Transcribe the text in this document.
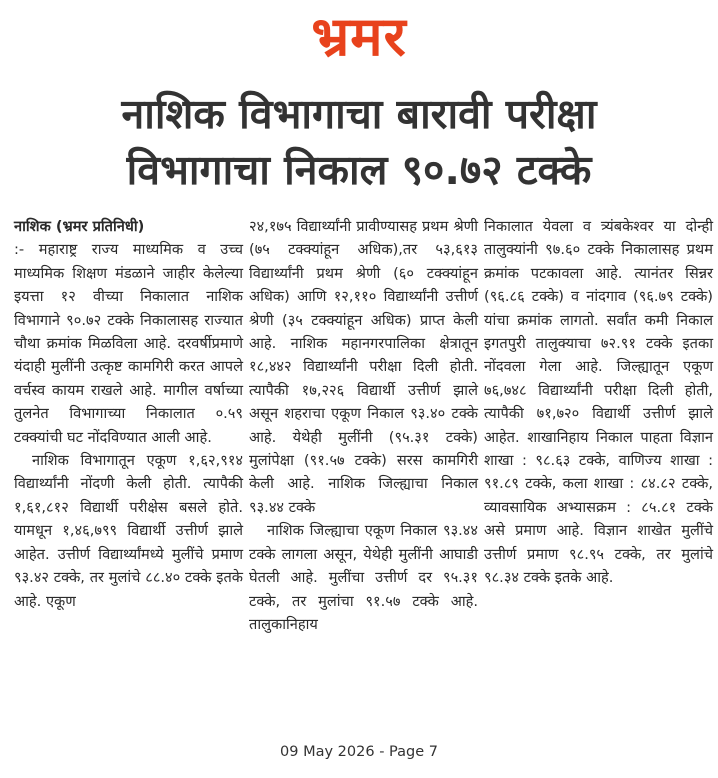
भ्रमर
नाशिक विभागाचा बारावी परीक्षा
विभागाचा निकाल ९०.७२ टक्के

नाशिक (भ्रमर प्रतिनिधी)

:- महाराष्ट्र राज्य माध्यमिक व उच्च माध्यमिक शिक्षण मंडळाने जाहीर केलेल्या इयत्ता १२ वीच्या निकालात नाशिक विभागाने ९०.७२ टक्के निकालासह राज्यात चौथा क्रमांक मिळविला आहे. दरवर्षीप्रमाणे यंदाही मुलींनी उत्कृष्ट कामगिरी करत आपले वर्चस्व कायम राखले आहे. मागील वर्षाच्या तुलनेत विभागाच्या निकालात ०.५९ टक्क्यांची घट नोंदविण्यात आली आहे.

नाशिक विभागातून एकूण १,६२,९१४ विद्यार्थ्यांनी नोंदणी केली होती. त्यापैकी १,६१,८१२ विद्यार्थी परीक्षेस बसले होते. यामधून १,४६,७९९ विद्यार्थी उत्तीर्ण झाले आहेत. उत्तीर्ण विद्यार्थ्यांमध्ये मुलींचे प्रमाण ९३.४२ टक्के, तर मुलांचे ८८.४० टक्के इतके आहे. एकूण

२४,१७५ विद्यार्थ्यांनी प्रावीण्यासह प्रथम श्रेणी (७५ टक्क्यांहून अधिक),तर ५३,६१३ विद्यार्थ्यांनी प्रथम श्रेणी (६० टक्क्यांहून अधिक) आणि १२,११० विद्यार्थ्यांनी उत्तीर्ण श्रेणी (३५ टक्क्यांहून अधिक) प्राप्त केली आहे. नाशिक महानगरपालिका क्षेत्रातून १८,४४२ विद्यार्थ्यांनी परीक्षा दिली होती. त्यापैकी १७,२२६ विद्यार्थी उत्तीर्ण झाले असून शहराचा एकूण निकाल ९३.४० टक्के आहे. येथेही मुलींनी (९५.३१ टक्के) मुलांपेक्षा (९१.५७ टक्के) सरस कामगिरी केली आहे. नाशिक जिल्ह्याचा निकाल ९३.४४ टक्के

नाशिक जिल्ह्याचा एकूण निकाल ९३.४४ टक्के लागला असून, येथेही मुलींनी आघाडी घेतली आहे. मुलींचा उत्तीर्ण दर ९५.३१ टक्के, तर मुलांचा ९१.५७ टक्के आहे. तालुकानिहाय

निकालात येवला व त्र्यंबकेश्वर या दोन्ही तालुक्यांनी ९७.६० टक्के निकालासह प्रथम क्रमांक पटकावला आहे. त्यानंतर सिन्नर (९६.८६ टक्के) व नांदगाव (९६.७९ टक्के) यांचा क्रमांक लागतो. सर्वांत कमी निकाल इगतपुरी तालुक्याचा ७२.९१ टक्के इतका नोंदवला गेला आहे. जिल्ह्यातून एकूण ७६,७४८ विद्यार्थ्यांनी परीक्षा दिली होती, त्यापैकी ७१,७२० विद्यार्थी उत्तीर्ण झाले आहेत. शाखानिहाय निकाल पाहता विज्ञान शाखा : ९८.६३ टक्के, वाणिज्य शाखा : ९१.८९ टक्के, कला शाखा : ८४.८२ टक्के, व्यावसायिक अभ्यासक्रम : ८५.८१ टक्के असे प्रमाण आहे. विज्ञान शाखेत मुलींचे उत्तीर्ण प्रमाण ९८.९५ टक्के, तर मुलांचे ९८.३४ टक्के इतके आहे.

09 May 2026 - Page 7
